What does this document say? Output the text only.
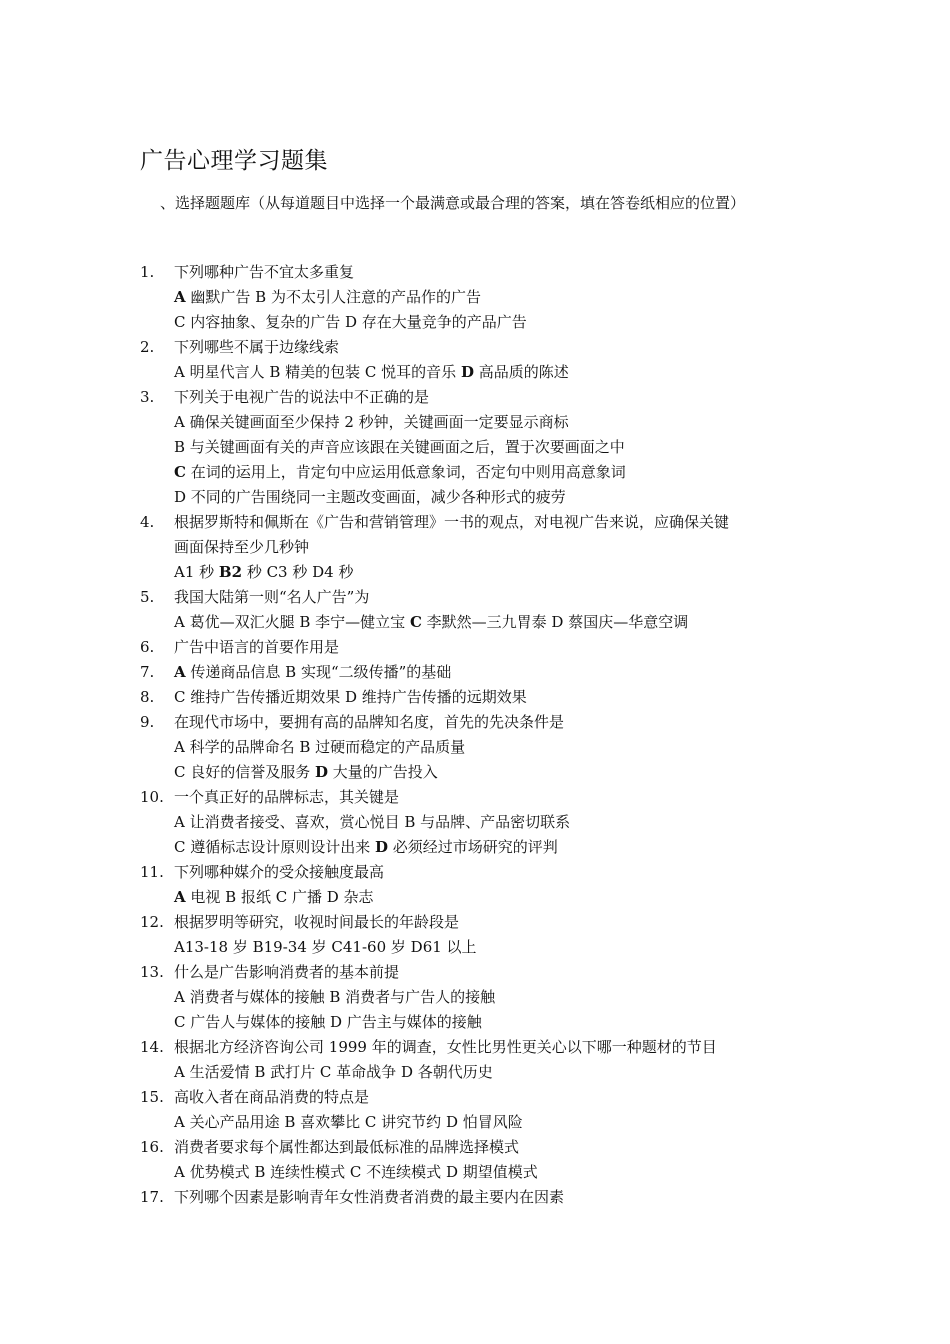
广告心理学习题集
、选择题题库（从每道题目中选择一个最满意或最合理的答案，填在答卷纸相应的位置）
1.	下列哪种广告不宜太多重复
A 幽默广告 B 为不太引人注意的产品作的广告
C 内容抽象、复杂的广告 D 存在大量竞争的产品广告
2.	下列哪些不属于边缘线索
A 明星代言人 B 精美的包装 C 悦耳的音乐 D 高品质的陈述
3.	下列关于电视广告的说法中不正确的是
A 确保关键画面至少保持 2 秒钟，关键画面一定要显示商标
B 与关键画面有关的声音应该跟在关键画面之后，置于次要画面之中
C 在词的运用上，肯定句中应运用低意象词，否定句中则用高意象词
D 不同的广告围绕同一主题改变画面，减少各种形式的疲劳
4.	根据罗斯特和佩斯在《广告和营销管理》一书的观点，对电视广告来说，应确保关键
画面保持至少几秒钟
A1 秒 B2 秒 C3 秒 D4 秒
5.	我国大陆第一则“名人广告”为
A 葛优—双汇火腿 B 李宁—健立宝 C 李默然—三九胃泰 D 蔡国庆—华意空调
6.	广告中语言的首要作用是
7.	A 传递商品信息 B 实现“二级传播”的基础
8.	C 维持广告传播近期效果 D 维持广告传播的远期效果
9.	在现代市场中，要拥有高的品牌知名度，首先的先决条件是
A 科学的品牌命名 B 过硬而稳定的产品质量
C 良好的信誉及服务 D 大量的广告投入
10. 一个真正好的品牌标志，其关键是
A 让消费者接受、喜欢，赏心悦目 B 与品牌、产品密切联系
C 遵循标志设计原则设计出来 D 必须经过市场研究的评判
11. 下列哪种媒介的受众接触度最高
A 电视 B 报纸 C 广播 D 杂志
12. 根据罗明等研究，收视时间最长的年龄段是
A13-18 岁 B19-34 岁 C41-60 岁 D61 以上
13. 什么是广告影响消费者的基本前提
A 消费者与媒体的接触 B 消费者与广告人的接触
C 广告人与媒体的接触 D 广告主与媒体的接触
14. 根据北方经济咨询公司 1999 年的调查，女性比男性更关心以下哪一种题材的节目
A 生活爱情 B 武打片 C 革命战争 D 各朝代历史
15. 高收入者在商品消费的特点是
A 关心产品用途 B 喜欢攀比 C 讲究节约 D 怕冒风险
16. 消费者要求每个属性都达到最低标准的品牌选择模式
A 优势模式 B 连续性模式 C 不连续模式 D 期望值模式
17. 下列哪个因素是影响青年女性消费者消费的最主要内在因素
